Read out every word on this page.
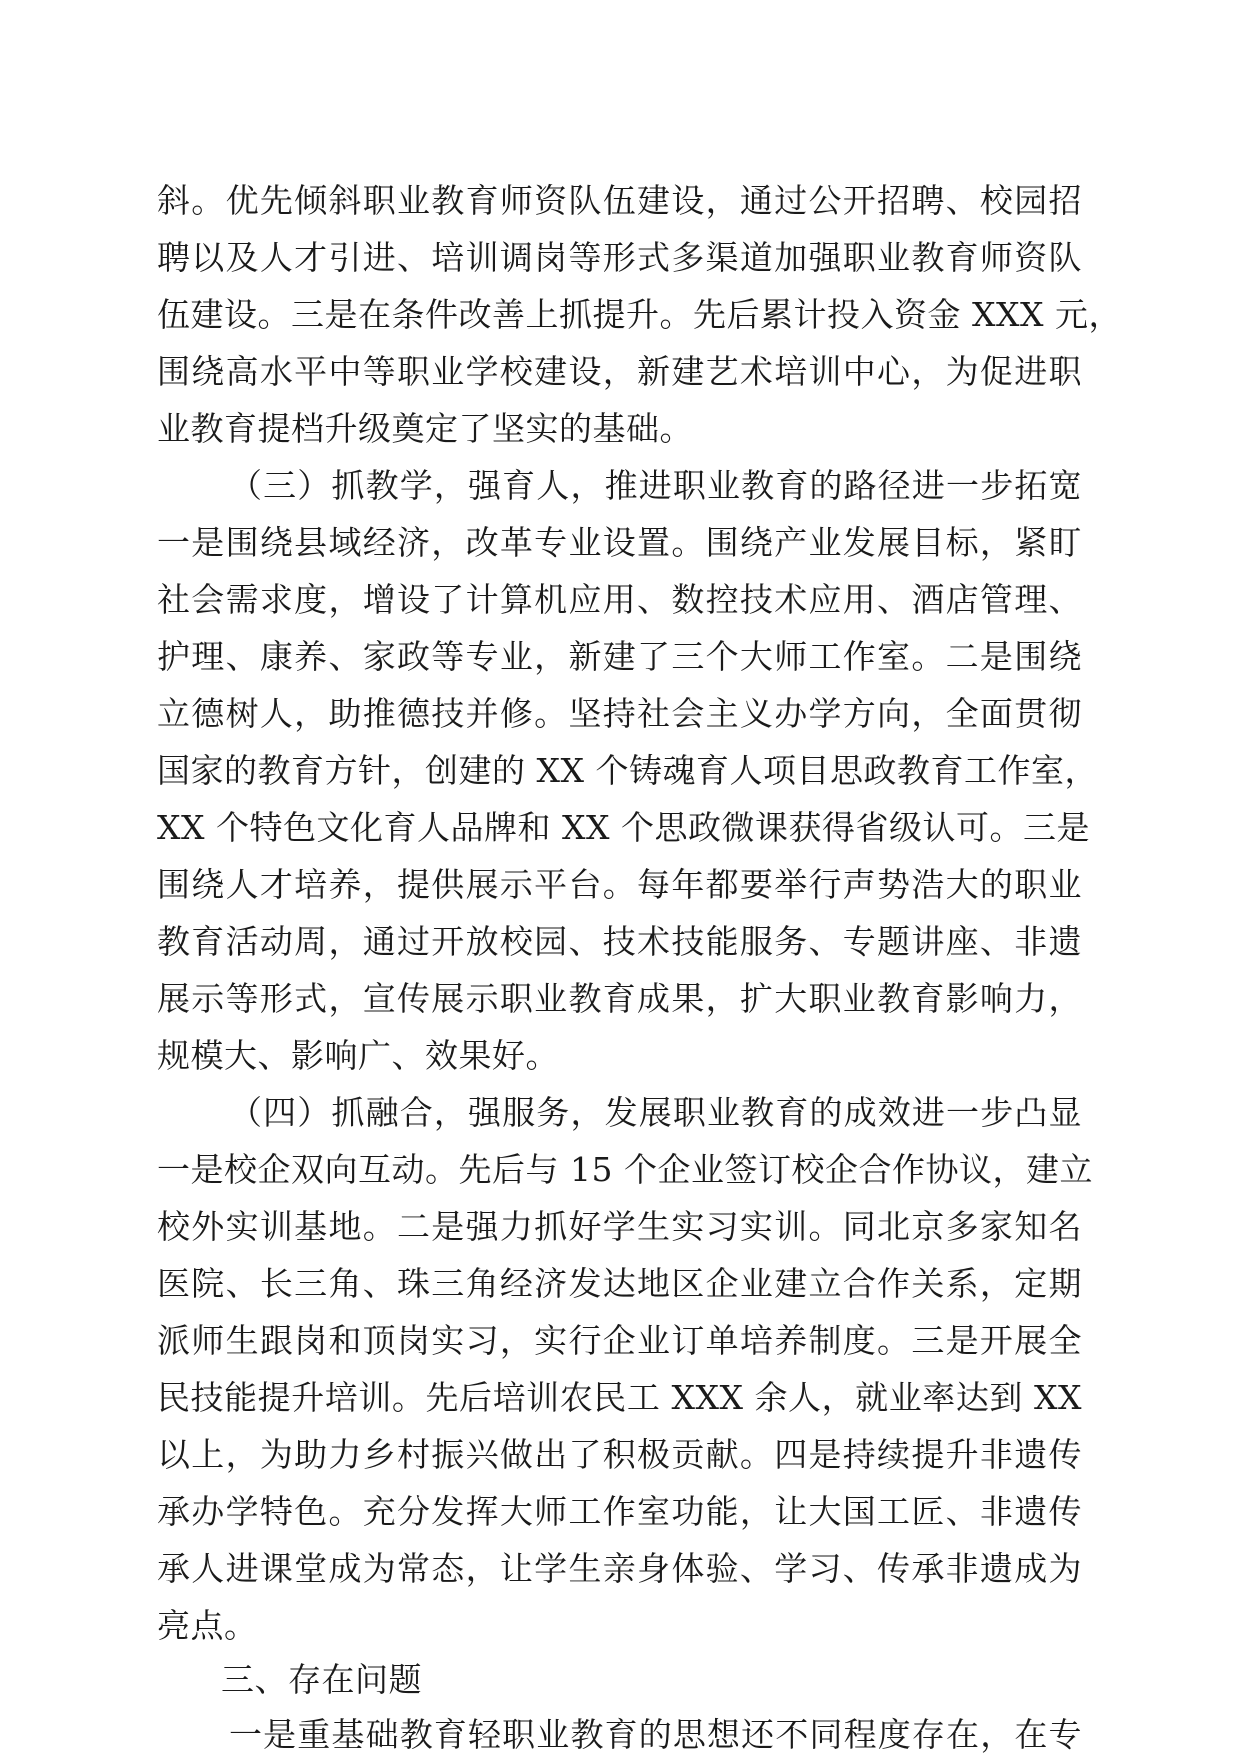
斜。优先倾斜职业教育师资队伍建设，通过公开招聘、校园招
聘以及人才引进、培训调岗等形式多渠道加强职业教育师资队
伍建设。三是在条件改善上抓提升。先后累计投入资金 XXX 元，
围绕高水平中等职业学校建设，新建艺术培训中心，为促进职
业教育提档升级奠定了坚实的基础。
（三）抓教学，强育人，推进职业教育的路径进一步拓宽
一是围绕县域经济，改革专业设置。围绕产业发展目标，紧盯
社会需求度，增设了计算机应用、数控技术应用、酒店管理、
护理、康养、家政等专业，新建了三个大师工作室。二是围绕
立德树人，助推德技并修。坚持社会主义办学方向，全面贯彻
国家的教育方针，创建的 XX 个铸魂育人项目思政教育工作室，
XX 个特色文化育人品牌和 XX 个思政微课获得省级认可。三是
围绕人才培养，提供展示平台。每年都要举行声势浩大的职业
教育活动周，通过开放校园、技术技能服务、专题讲座、非遗
展示等形式，宣传展示职业教育成果，扩大职业教育影响力，
规模大、影响广、效果好。
（四）抓融合，强服务，发展职业教育的成效进一步凸显
一是校企双向互动。先后与 15 个企业签订校企合作协议，建立
校外实训基地。二是强力抓好学生实习实训。同北京多家知名
医院、长三角、珠三角经济发达地区企业建立合作关系，定期
派师生跟岗和顶岗实习，实行企业订单培养制度。三是开展全
民技能提升培训。先后培训农民工 XXX 余人，就业率达到 XX
以上，为助力乡村振兴做出了积极贡献。四是持续提升非遗传
承办学特色。充分发挥大师工作室功能，让大国工匠、非遗传
承人进课堂成为常态，让学生亲身体验、学习、传承非遗成为
亮点。
三、存在问题
一是重基础教育轻职业教育的思想还不同程度存在，在专
